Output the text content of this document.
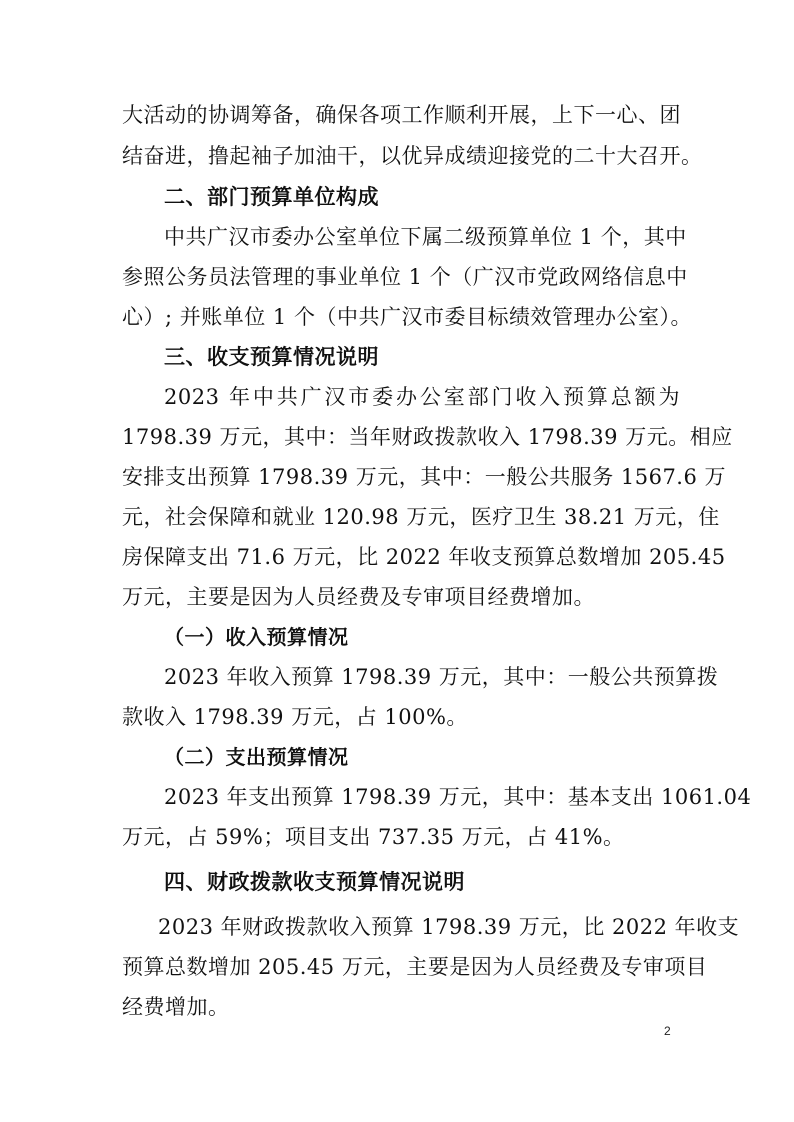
大活动的协调筹备，确保各项工作顺利开展，上下一心、团
结奋进，撸起袖子加油干，以优异成绩迎接党的二十大召开。
二、部门预算单位构成
中共广汉市委办公室单位下属二级预算单位 1 个，其中
参照公务员法管理的事业单位 1 个（广汉市党政网络信息中
心）; 并账单位 1 个（中共广汉市委目标绩效管理办公室）。
三、收支预算情况说明
2023 年中共广汉市委办公室部门收入预算总额为
1798.39 万元，其中：当年财政拨款收入 1798.39 万元。相应
安排支出预算 1798.39 万元，其中：一般公共服务 1567.6 万
元，社会保障和就业 120.98 万元，医疗卫生 38.21 万元，住
房保障支出 71.6 万元，比 2022 年收支预算总数增加 205.45
万元，主要是因为人员经费及专审项目经费增加。
（一）收入预算情况
2023 年收入预算 1798.39 万元，其中：一般公共预算拨
款收入 1798.39 万元，占 100%。
（二）支出预算情况
2023 年支出预算 1798.39 万元，其中：基本支出 1061.04
万元，占 59%；项目支出 737.35 万元，占 41%。
四、财政拨款收支预算情况说明
2023 年财政拨款收入预算 1798.39 万元，比 2022 年收支
预算总数增加 205.45 万元，主要是因为人员经费及专审项目
经费增加。
2
